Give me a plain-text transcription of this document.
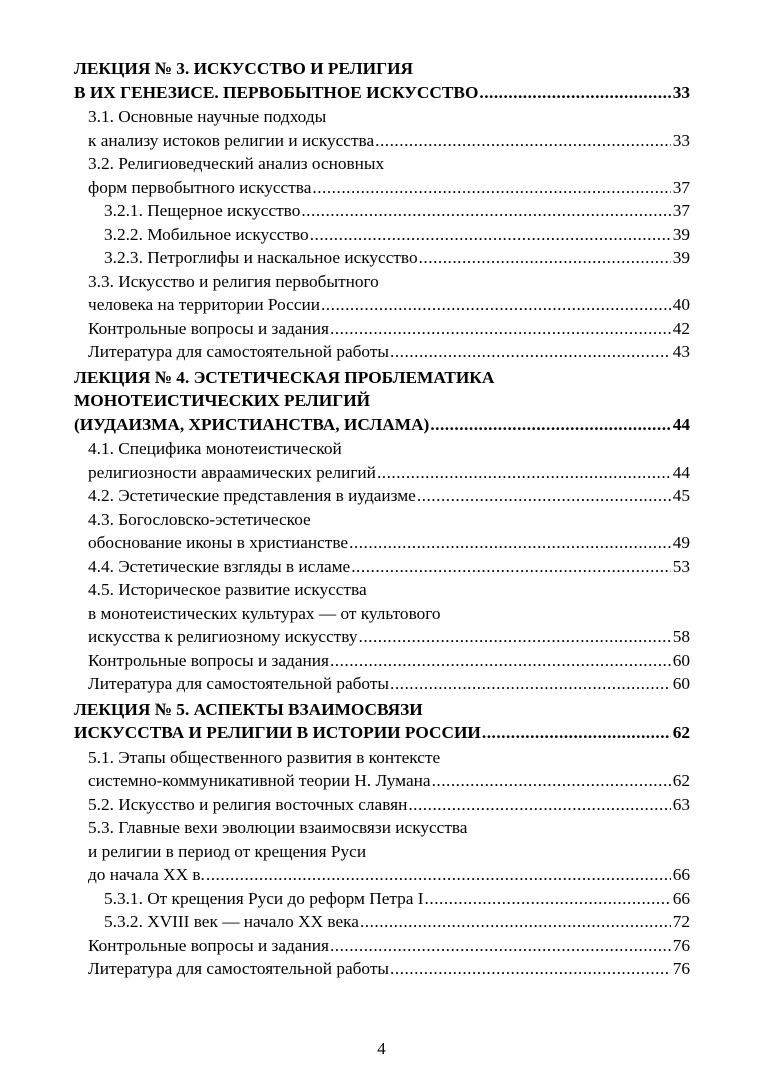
ЛЕКЦИЯ № 3. ИСКУССТВО И РЕЛИГИЯ
В ИХ ГЕНЕЗИСЕ. ПЕРВОБЫТНОЕ ИСКУССТВО .....	33
3.1. Основные научные подходы
к анализу истоков религии и искусства .....	33
3.2. Религиоведческий анализ основных
форм первобытного искусства .....	37
3.2.1. Пещерное искусство .....	37
3.2.2. Мобильное искусство .....	39
3.2.3. Петроглифы и наскальное искусство .....	39
3.3. Искусство и религия первобытного
человека на территории России .....	40
Контрольные вопросы и задания .....	42
Литература для самостоятельной работы .....	43
ЛЕКЦИЯ № 4. ЭСТЕТИЧЕСКАЯ ПРОБЛЕМАТИКА
МОНОТЕИСТИЧЕСКИХ РЕЛИГИЙ
(ИУДАИЗМА, ХРИСТИАНСТВА, ИСЛАМА) .....	44
4.1. Специфика монотеистической
религиозности авраамических религий .....	44
4.2. Эстетические представления в иудаизме .....	45
4.3. Богословско-эстетическое
обоснование иконы в христианстве .....	49
4.4. Эстетические взгляды в исламе .....	53
4.5. Историческое развитие искусства
в монотеистических культурах — от культового
искусства к религиозному искусству .....	58
Контрольные вопросы и задания .....	60
Литература для самостоятельной работы .....	60
ЛЕКЦИЯ № 5. АСПЕКТЫ ВЗАИМОСВЯЗИ
ИСКУССТВА И РЕЛИГИИ В ИСТОРИИ РОССИИ .....	62
5.1. Этапы общественного развития в контексте
системно-коммуникативной теории Н. Лумана .....	62
5.2. Искусство и религия восточных славян .....	63
5.3. Главные вехи эволюции взаимосвязи искусства
и религии в период от крещения Руси
до начала XX в. .....	66
5.3.1. От крещения Руси до реформ Петра I .....	66
5.3.2. XVIII век — начало XX века .....	72
Контрольные вопросы и задания .....	76
Литература для самостоятельной работы .....	76
4
